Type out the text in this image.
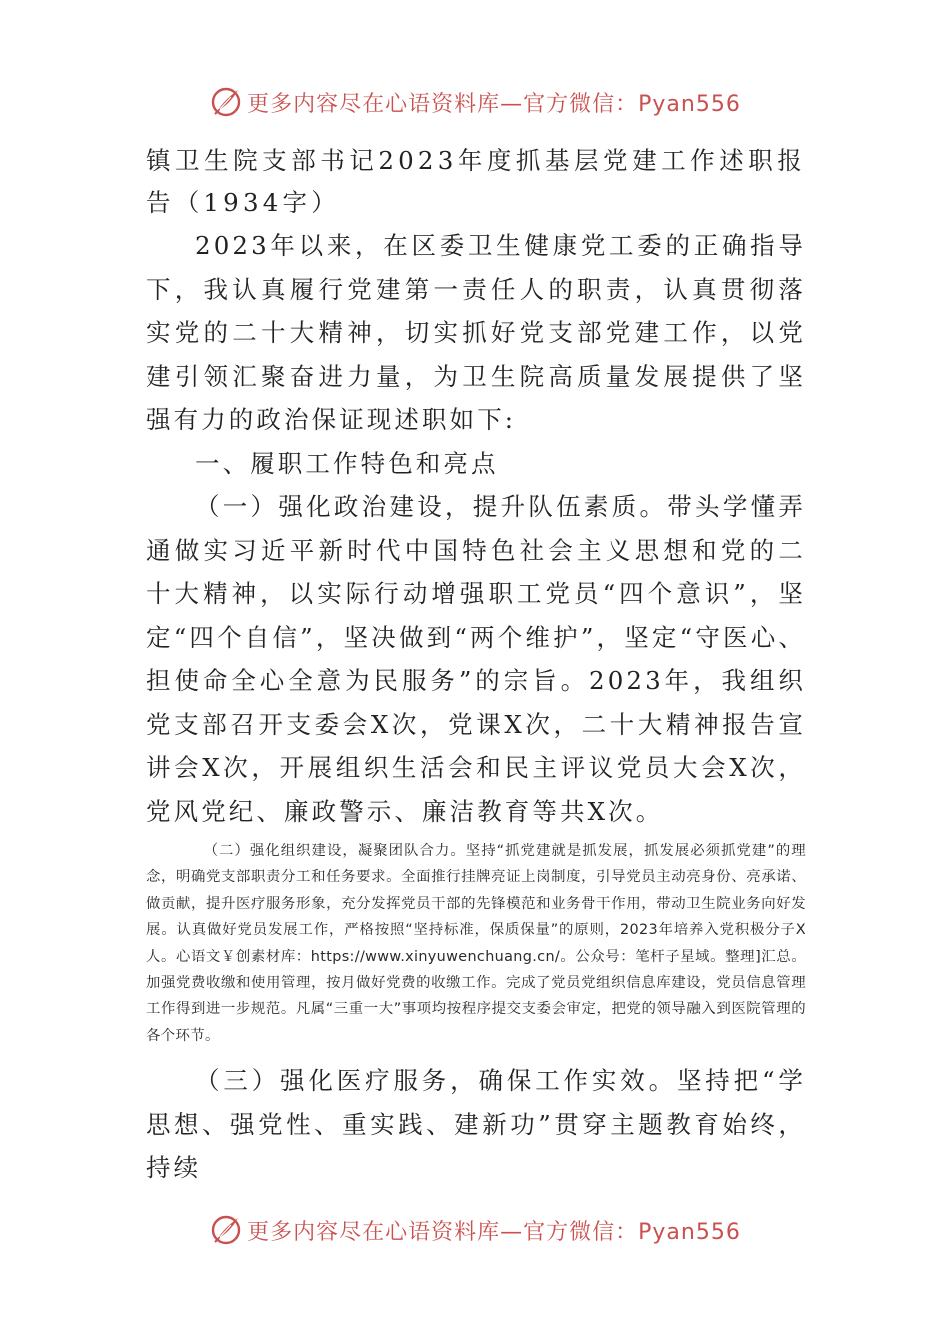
更多内容尽在心语资料库—官方微信：Pyan556

镇卫生院支部书记2023年度抓基层党建工作述职报告（1934字）

2023年以来，在区委卫生健康党工委的正确指导下，我认真履行党建第一责任人的职责，认真贯彻落实党的二十大精神，切实抓好党支部党建工作，以党建引领汇聚奋进力量，为卫生院高质量发展提供了坚强有力的政治保证现述职如下:

一、履职工作特色和亮点

（一）强化政治建设，提升队伍素质。带头学懂弄通做实习近平新时代中国特色社会主义思想和党的二十大精神，以实际行动增强职工党员“四个意识”，坚定“四个自信”，坚决做到“两个维护”，坚定“守医心、担使命全心全意为民服务”的宗旨。2023年，我组织党支部召开支委会X次，党课X次，二十大精神报告宣讲会X次，开展组织生活会和民主评议党员大会X次，党风党纪、廉政警示、廉洁教育等共X次。

（二）强化组织建设，凝聚团队合力。坚持“抓党建就是抓发展，抓发展必须抓党建”的理念，明确党支部职责分工和任务要求。全面推行挂牌亮证上岗制度，引导党员主动亮身份、亮承诺、做贡献，提升医疗服务形象，充分发挥党员干部的先锋模范和业务骨干作用，带动卫生院业务向好发展。认真做好党员发展工作，严格按照“坚持标准，保质保量”的原则，2023年培养入党积极分子X人。心语文￥创素材库：https://www.xinyuwenchuang.cn/。公众号：笔杆子星域。整理]汇总。加强党费收缴和使用管理，按月做好党费的收缴工作。完成了党员党组织信息库建设，党员信息管理工作得到进一步规范。凡属“三重一大”事项均按程序提交支委会审定，把党的领导融入到医院管理的各个环节。

（三）强化医疗服务，确保工作实效。坚持把“学思想、强党性、重实践、建新功”贯穿主题教育始终，持续

更多内容尽在心语资料库—官方微信：Pyan556
